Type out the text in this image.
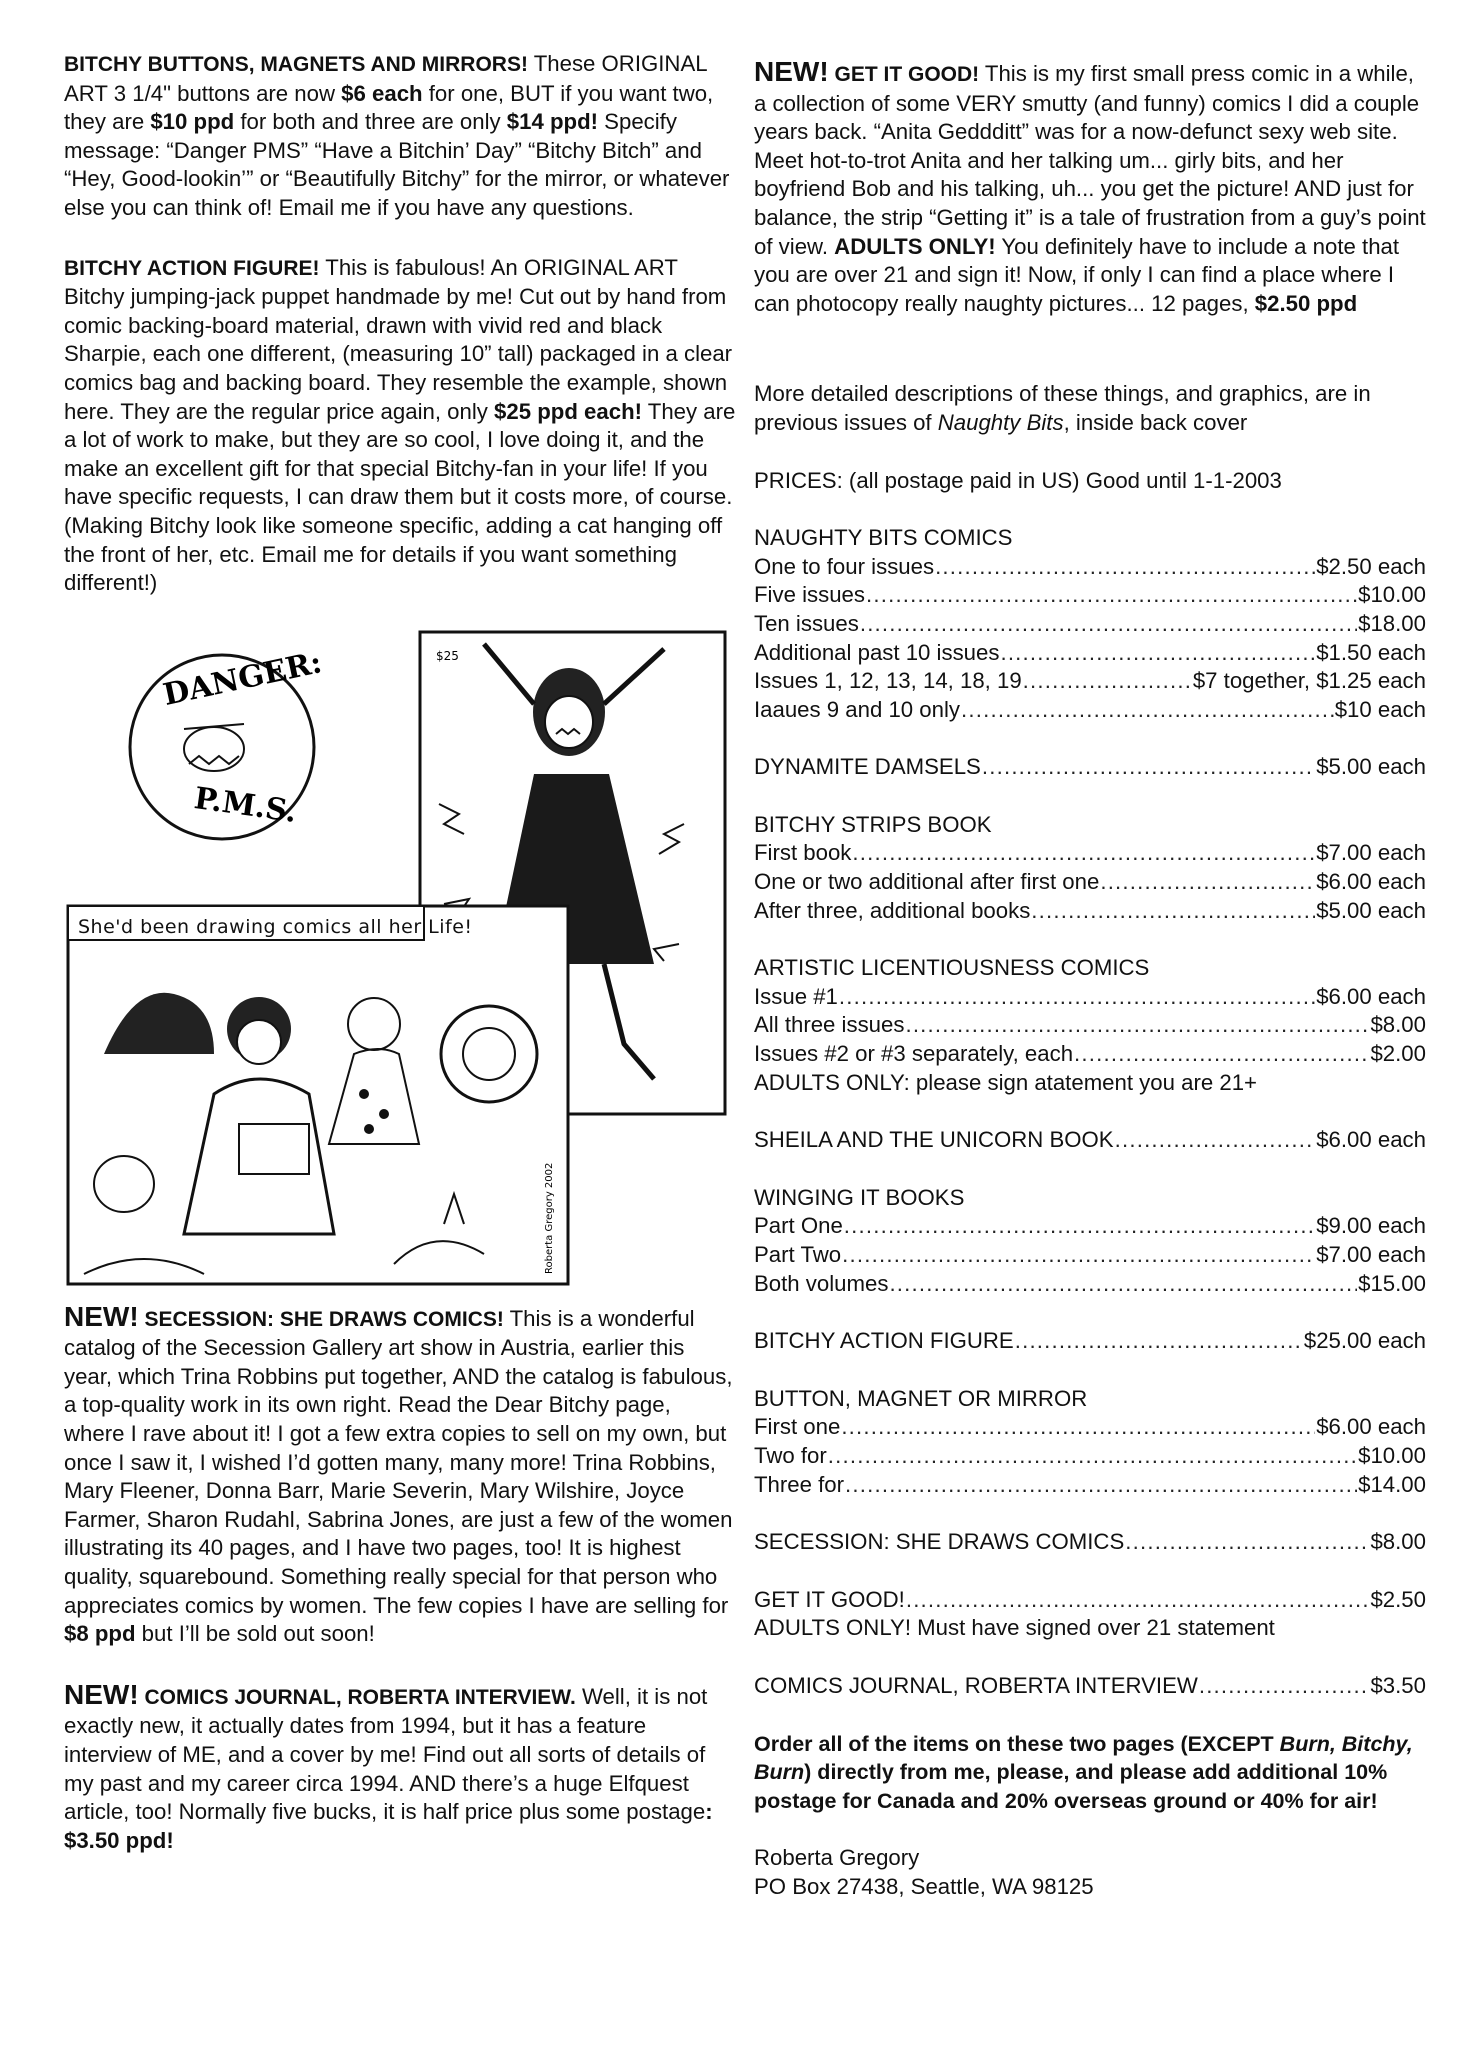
BITCHY BUTTONS, MAGNETS AND MIRRORS! These ORIGINAL ART 3 1/4" buttons are now $6 each for one, BUT if you want two, they are $10 ppd for both and three are only $14 ppd! Specify message: “Danger PMS” “Have a Bitchin’ Day” “Bitchy Bitch” and “Hey, Good-lookin’” or “Beautifully Bitchy” for the mirror, or whatever else you can think of! Email me if you have any questions.

BITCHY ACTION FIGURE! This is fabulous! An ORIGINAL ART Bitchy jumping-jack puppet handmade by me! Cut out by hand from comic backing-board material, drawn with vivid red and black Sharpie, each one different, (measuring 10” tall) packaged in a clear comics bag and backing board. They resemble the example, shown here. They are the regular price again, only $25 ppd each! They are a lot of work to make, but they are so cool, I love doing it, and the make an excellent gift for that special Bitchy-fan in your life! If you have specific requests, I can draw them but it costs more, of course. (Making Bitchy look like someone specific, adding a cat hanging off the front of her, etc. Email me for details if you want something different!)

DANGER:
P.M.S.
$25
Roberta Gregory 2002
She'd been drawing comics all her Life!

NEW! SECESSION: SHE DRAWS COMICS! This is a wonderful catalog of the Secession Gallery art show in Austria, earlier this year, which Trina Robbins put together, AND the catalog is fabulous, a top-quality work in its own right. Read the Dear Bitchy page, where I rave about it! I got a few extra copies to sell on my own, but once I saw it, I wished I’d gotten many, many more! Trina Robbins, Mary Fleener, Donna Barr, Marie Severin, Mary Wilshire, Joyce Farmer, Sharon Rudahl, Sabrina Jones, are just a few of the women illustrating its 40 pages, and I have two pages, too! It is highest quality, squarebound. Something really special for that person who appreciates comics by women. The few copies I have are selling for $8 ppd but I’ll be sold out soon!

NEW! COMICS JOURNAL, ROBERTA INTERVIEW. Well, it is not exactly new, it actually dates from 1994, but it has a feature interview of ME, and a cover by me! Find out all sorts of details of my past and my career circa 1994. AND there’s a huge Elfquest article, too! Normally five bucks, it is half price plus some postage: $3.50 ppd!

NEW! GET IT GOOD! This is my first small press comic in a while, a collection of some VERY smutty (and funny) comics I did a couple years back. “Anita Geddditt” was for a now-defunct sexy web site. Meet hot-to-trot Anita and her talking um... girly bits, and her boyfriend Bob and his talking, uh... you get the picture! AND just for balance, the strip “Getting it” is a tale of frustration from a guy’s point of view. ADULTS ONLY! You definitely have to include a note that you are over 21 and sign it! Now, if only I can find a place where I can photocopy really naughty pictures... 12 pages, $2.50 ppd

More detailed descriptions of these things, and graphics, are in previous issues of Naughty Bits, inside back cover

PRICES: (all postage paid in US) Good until 1-1-2003

NAUGHTY BITS COMICS
One to four issues .....	$2.50 each
Five issues .....	$10.00
Ten issues .....	$18.00
Additional past 10 issues .....	$1.50 each
Issues 1, 12, 13, 14, 18, 19 .....	$7 together, $1.25 each
Iaaues 9 and 10 only .....	$10 each
DYNAMITE DAMSELS .....	$5.00 each
BITCHY STRIPS BOOK
First book .....	$7.00 each
One or two additional after first one .....	$6.00 each
After three, additional books .....	$5.00 each
ARTISTIC LICENTIOUSNESS COMICS
Issue #1 .....	$6.00 each
All three issues .....	$8.00
Issues #2 or #3 separately, each .....	$2.00
ADULTS ONLY: please sign atatement you are 21+
SHEILA AND THE UNICORN BOOK .....	$6.00 each
WINGING IT BOOKS
Part One .....	$9.00 each
Part Two .....	$7.00 each
Both volumes .....	$15.00
BITCHY ACTION FIGURE .....	$25.00 each
BUTTON, MAGNET OR MIRROR
First one .....	$6.00 each
Two for .....	$10.00
Three for .....	$14.00
SECESSION: SHE DRAWS COMICS .....	$8.00
GET IT GOOD! .....	$2.50
ADULTS ONLY! Must have signed over 21 statement
COMICS JOURNAL, ROBERTA INTERVIEW .....	$3.50

Order all of the items on these two pages (EXCEPT Burn, Bitchy, Burn) directly from me, please, and please add additional 10% postage for Canada and 20% overseas ground or 40% for air!

Roberta Gregory
PO Box 27438, Seattle, WA 98125
